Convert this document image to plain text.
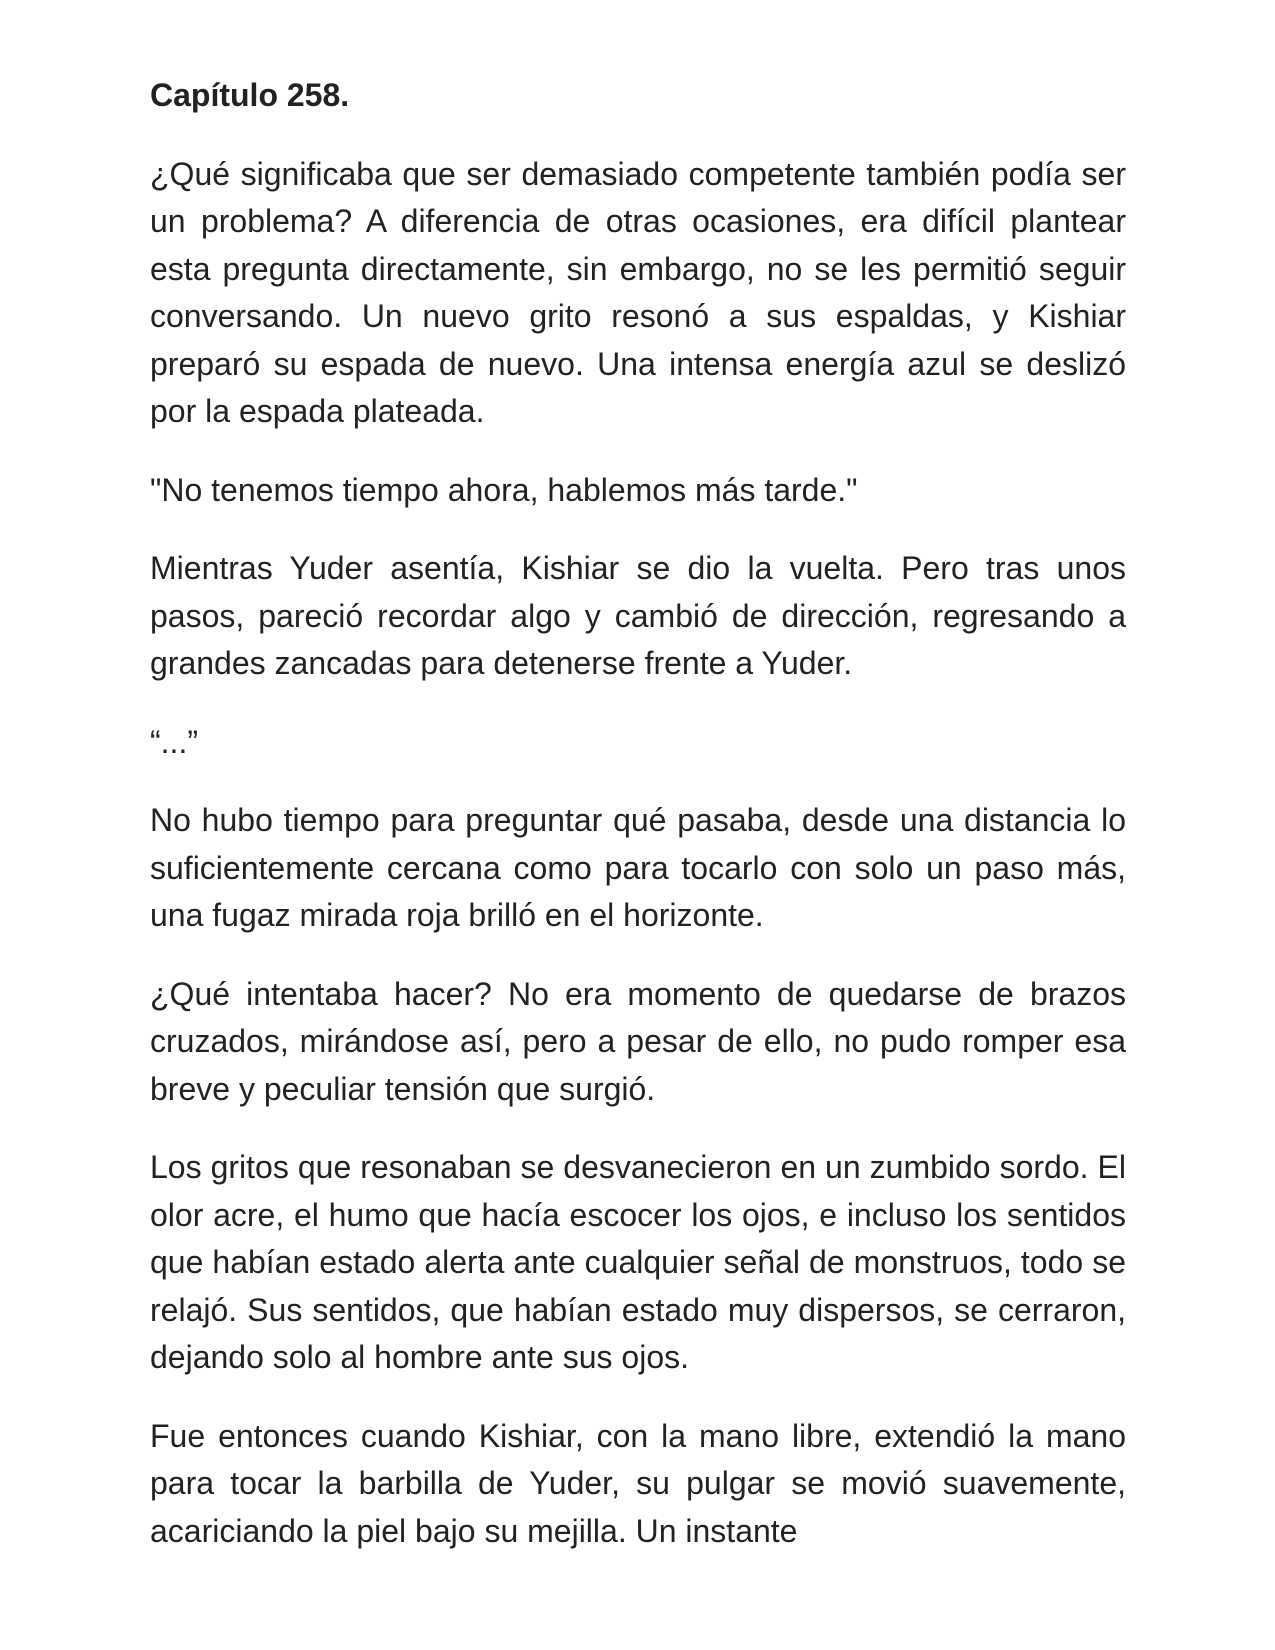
Capítulo 258.

¿Qué significaba que ser demasiado competente también podía ser un problema? A diferencia de otras ocasiones, era difícil plantear esta pregunta directamente, sin embargo, no se les permitió seguir conversando. Un nuevo grito resonó a sus espaldas, y Kishiar preparó su espada de nuevo. Una intensa energía azul se deslizó por la espada plateada.

"No tenemos tiempo ahora, hablemos más tarde."

Mientras Yuder asentía, Kishiar se dio la vuelta. Pero tras unos pasos, pareció recordar algo y cambió de dirección, regresando a grandes zancadas para detenerse frente a Yuder.

“...”

No hubo tiempo para preguntar qué pasaba, desde una distancia lo suficientemente cercana como para tocarlo con solo un paso más, una fugaz mirada roja brilló en el horizonte.

¿Qué intentaba hacer? No era momento de quedarse de brazos cruzados, mirándose así, pero a pesar de ello, no pudo romper esa breve y peculiar tensión que surgió.

Los gritos que resonaban se desvanecieron en un zumbido sordo. El olor acre, el humo que hacía escocer los ojos, e incluso los sentidos que habían estado alerta ante cualquier señal de monstruos, todo se relajó. Sus sentidos, que habían estado muy dispersos, se cerraron, dejando solo al hombre ante sus ojos.

Fue entonces cuando Kishiar, con la mano libre, extendió la mano para tocar la barbilla de Yuder, su pulgar se movió suavemente, acariciando la piel bajo su mejilla. Un instante
